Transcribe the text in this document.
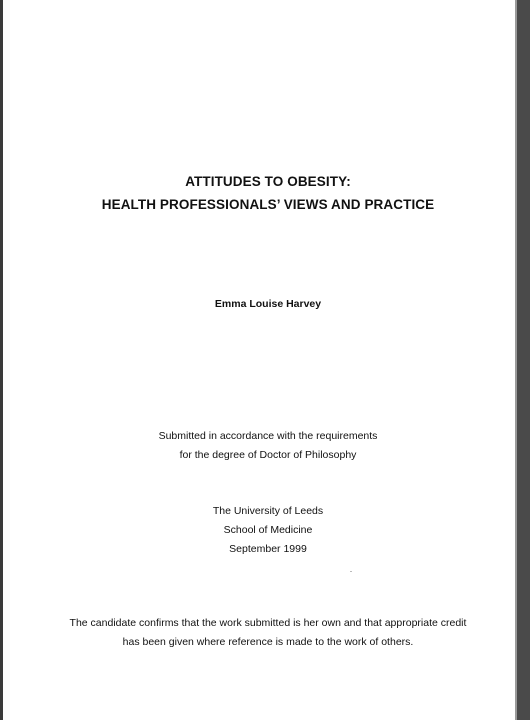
ATTITUDES TO OBESITY:
HEALTH PROFESSIONALS’ VIEWS AND PRACTICE
Emma Louise Harvey
Submitted in accordance with the requirements
for the degree of Doctor of Philosophy
The University of Leeds
School of Medicine
September 1999
The candidate confirms that the work submitted is her own and that appropriate credit
has been given where reference is made to the work of others.
